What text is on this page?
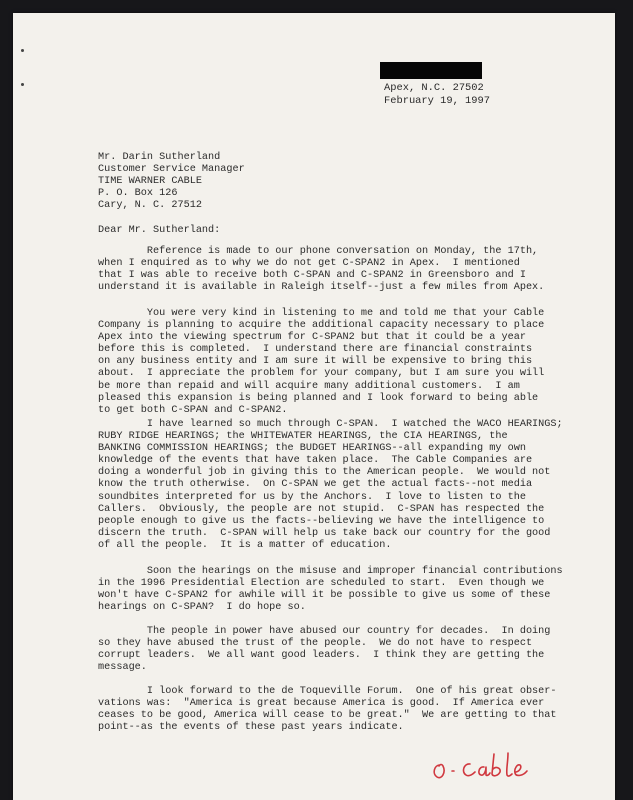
Apex, N.C. 27502
February 19, 1997
Mr. Darin Sutherland
Customer Service Manager
TIME WARNER CABLE
P. O. Box 126
Cary, N. C. 27512
Dear Mr. Sutherland:
Reference is made to our phone conversation on Monday, the 17th,
when I enquired as to why we do not get C-SPAN2 in Apex.  I mentioned
that I was able to receive both C-SPAN and C-SPAN2 in Greensboro and I
understand it is available in Raleigh itself--just a few miles from Apex.
You were very kind in listening to me and told me that your Cable
Company is planning to acquire the additional capacity necessary to place
Apex into the viewing spectrum for C-SPAN2 but that it could be a year
before this is completed.  I understand there are financial constraints
on any business entity and I am sure it will be expensive to bring this
about.  I appreciate the problem for your company, but I am sure you will
be more than repaid and will acquire many additional customers.  I am
pleased this expansion is being planned and I look forward to being able
to get both C-SPAN and C-SPAN2.
I have learned so much through C-SPAN.  I watched the WACO HEARINGS;
RUBY RIDGE HEARINGS; the WHITEWATER HEARINGS, the CIA HEARINGS, the
BANKING COMMISSION HEARINGS; the BUDGET HEARINGS--all expanding my own
knowledge of the events that have taken place.  The Cable Companies are
doing a wonderful job in giving this to the American people.  We would not
know the truth otherwise.  On C-SPAN we get the actual facts--not media
soundbites interpreted for us by the Anchors.  I love to listen to the
Callers.  Obviously, the people are not stupid.  C-SPAN has respected the
people enough to give us the facts--believing we have the intelligence to
discern the truth.  C-SPAN will help us take back our country for the good
of all the people.  It is a matter of education.
Soon the hearings on the misuse and improper financial contributions
in the 1996 Presidential Election are scheduled to start.  Even though we
won't have C-SPAN2 for awhile will it be possible to give us some of these
hearings on C-SPAN?  I do hope so.
The people in power have abused our country for decades.  In doing
so they have abused the trust of the people.  We do not have to respect
corrupt leaders.  We all want good leaders.  I think they are getting the
message.
I look forward to the de Toqueville Forum.  One of his great obser-
vations was:  "America is great because America is good.  If America ever
ceases to be good, America will cease to be great."  We are getting to that
point--as the events of these past years indicate.
